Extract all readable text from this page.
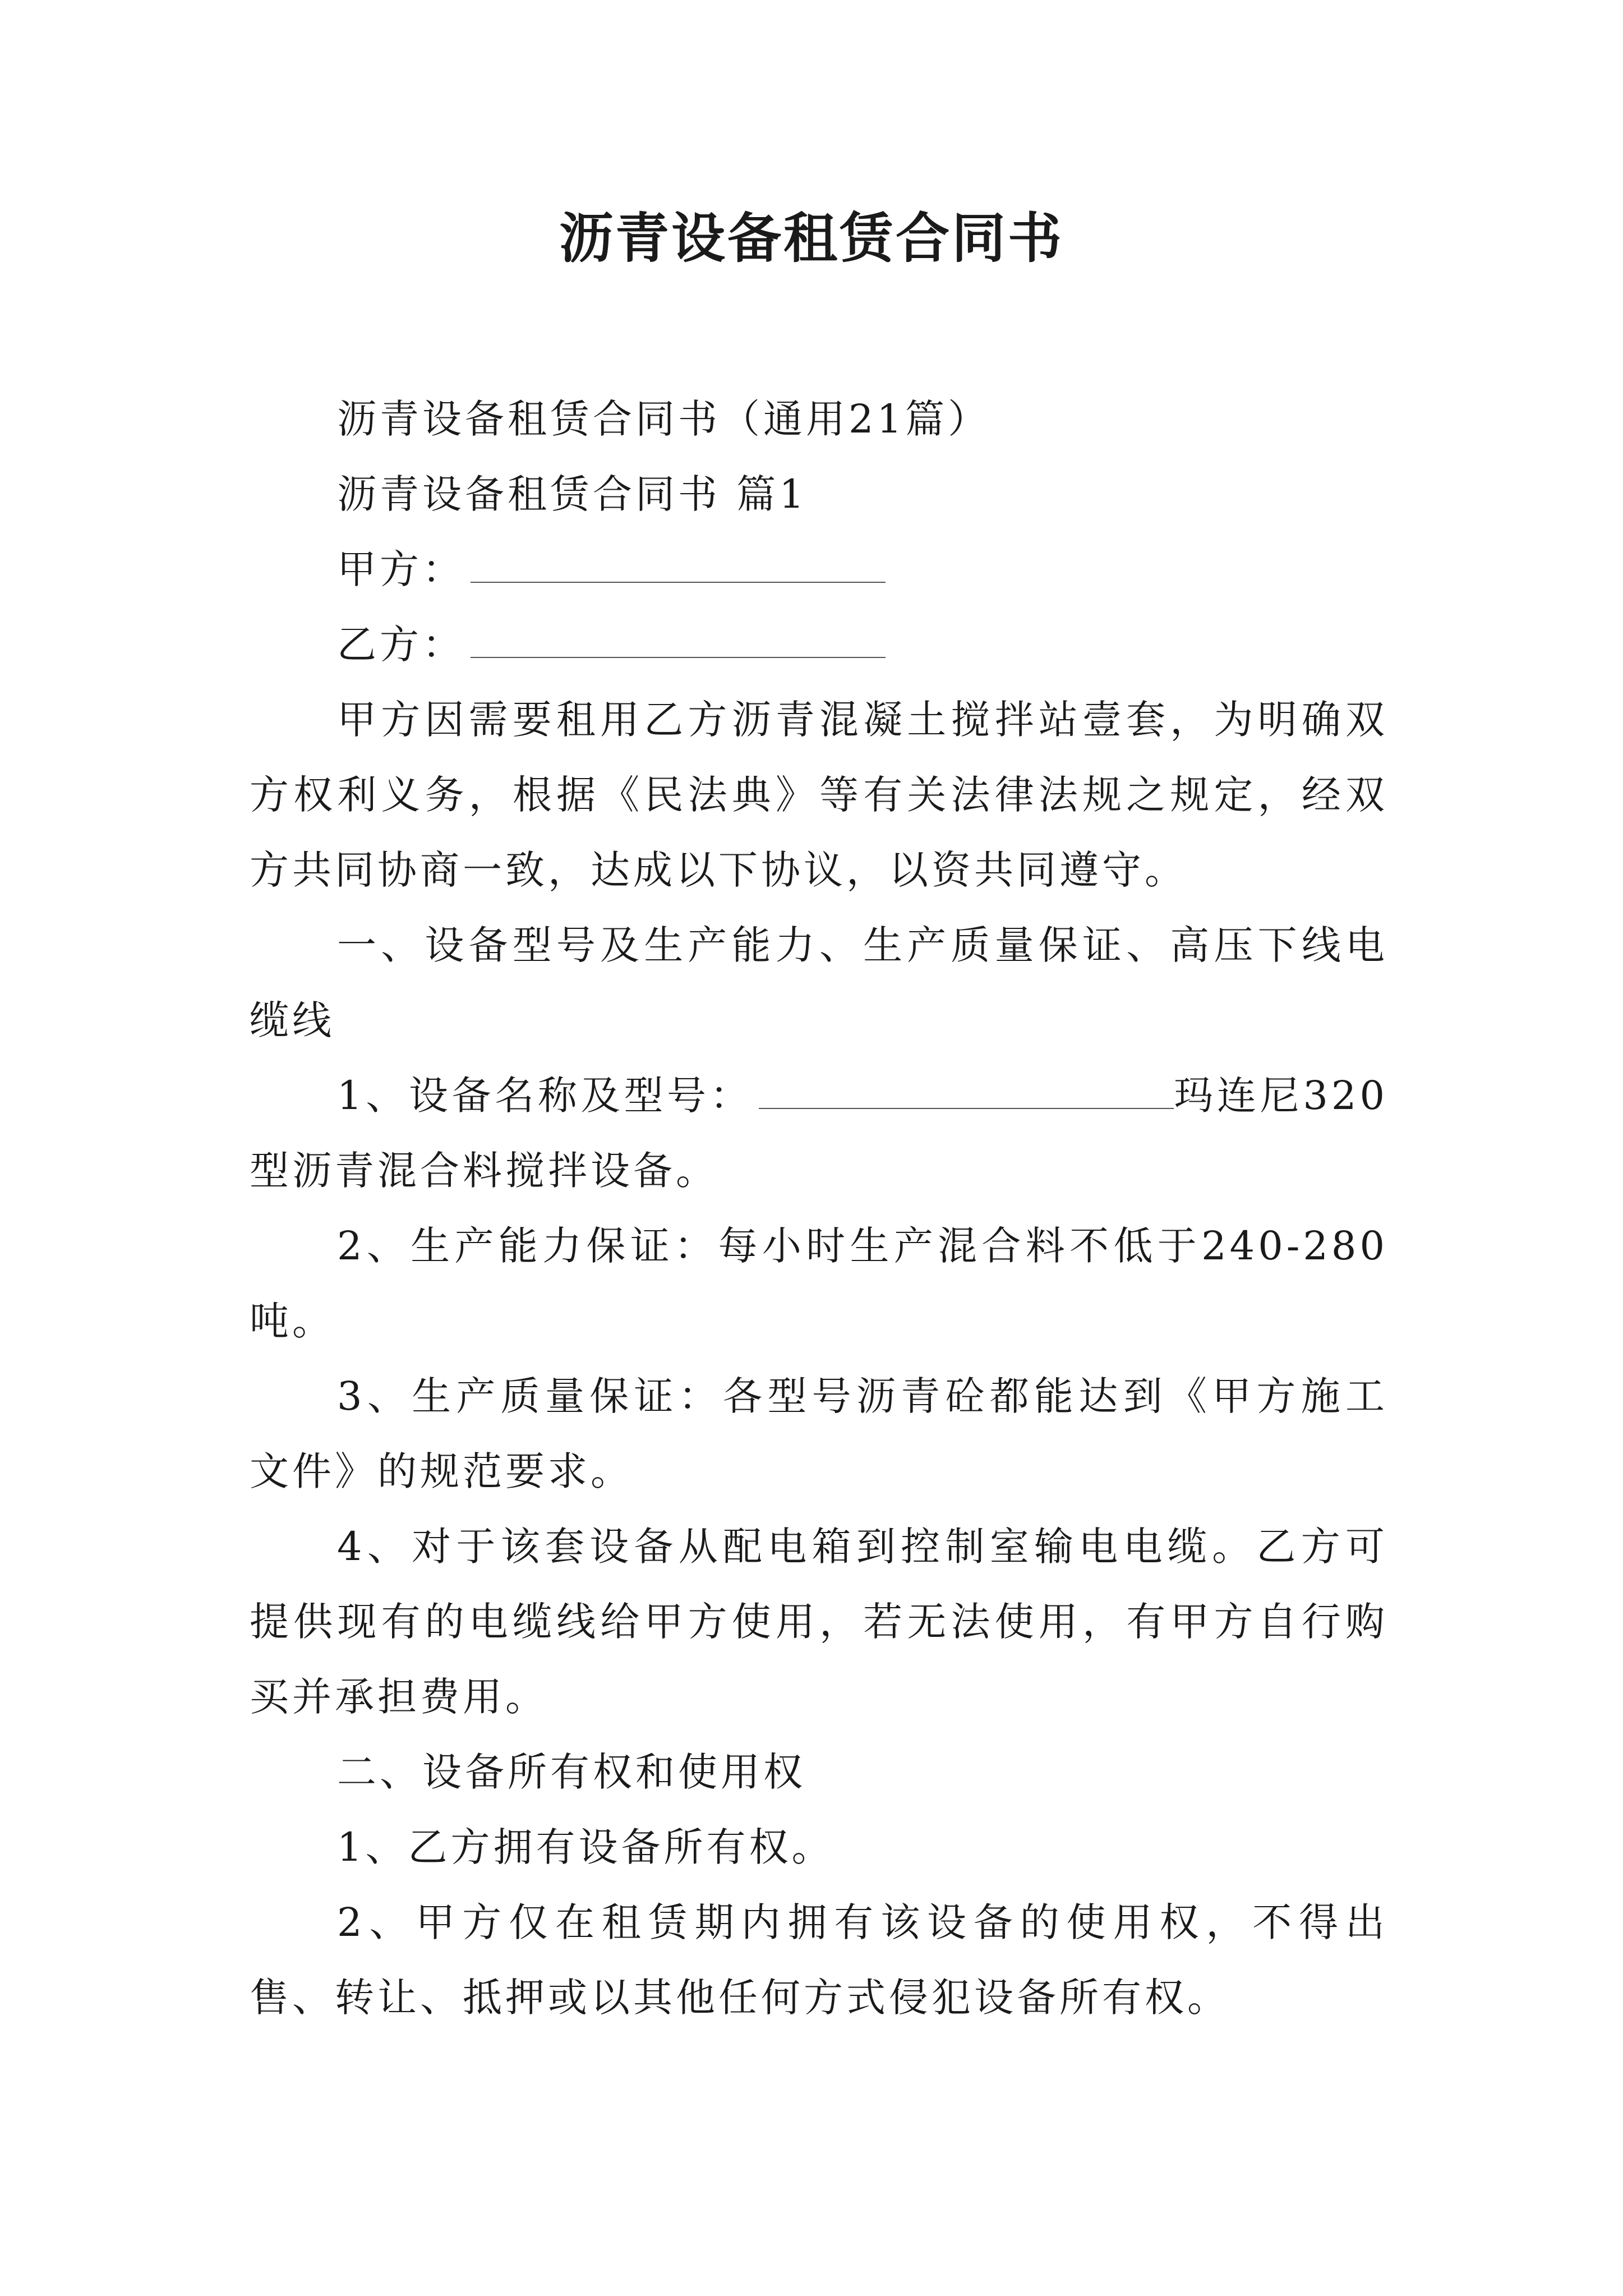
沥青设备租赁合同书

沥青设备租赁合同书（通用21篇）

沥青设备租赁合同书 篇1

甲方：

乙方：

甲方因需要租用乙方沥青混凝土搅拌站壹套，为明确双方权利义务，根据《民法典》等有关法律法规之规定，经双方共同协商一致，达成以下协议，以资共同遵守。

一、设备型号及生产能力、生产质量保证、高压下线电缆线

1、设备名称及型号：	玛连尼320型沥青混合料搅拌设备。

2、生产能力保证：每小时生产混合料不低于240-280吨。

3、生产质量保证：各型号沥青砼都能达到《甲方施工文件》的规范要求。

4、对于该套设备从配电箱到控制室输电电缆。乙方可提供现有的电缆线给甲方使用，若无法使用，有甲方自行购买并承担费用。

二、设备所有权和使用权

1、乙方拥有设备所有权。

2、甲方仅在租赁期内拥有该设备的使用权，不得出售、转让、抵押或以其他任何方式侵犯设备所有权。
